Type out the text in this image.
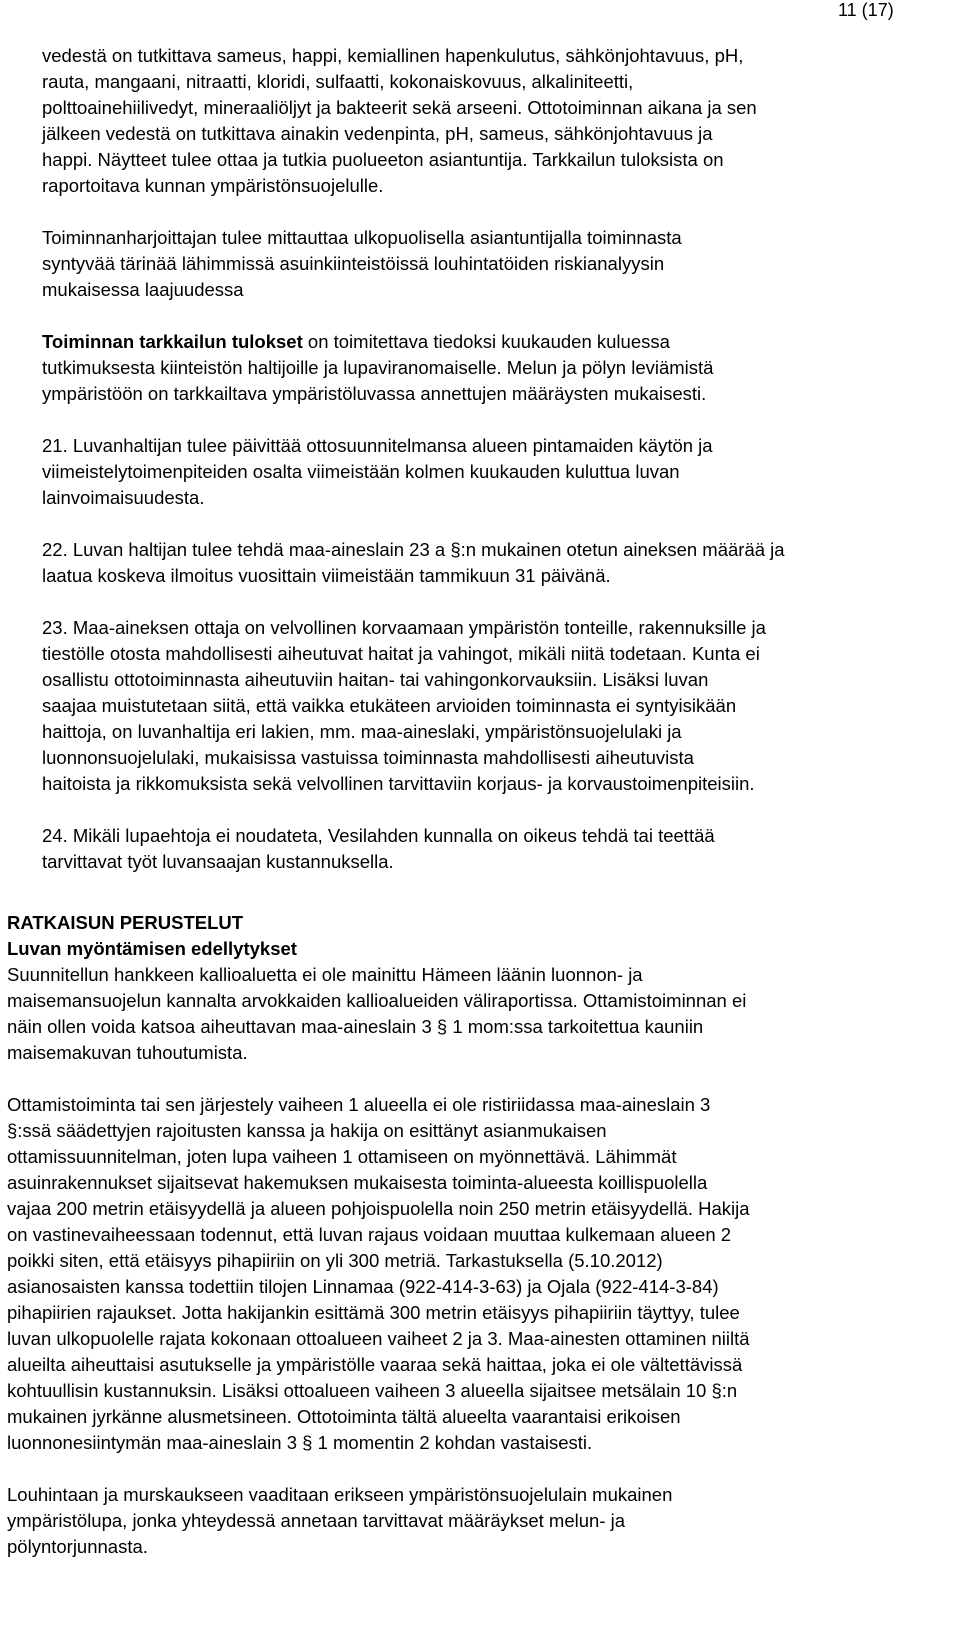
11 (17)

vedestä on tutkittava sameus, happi, kemiallinen hapenkulutus, sähkönjohtavuus, pH,
rauta, mangaani, nitraatti, kloridi, sulfaatti, kokonaiskovuus, alkaliniteetti,
polttoainehiilivedyt, mineraaliöljyt ja bakteerit sekä arseeni. Ottotoiminnan aikana ja sen
jälkeen vedestä on tutkittava ainakin vedenpinta, pH, sameus, sähkönjohtavuus ja
happi. Näytteet tulee ottaa ja tutkia puolueeton asiantuntija. Tarkkailun tuloksista on
raportoitava kunnan ympäristönsuojelulle.
Toiminnanharjoittajan tulee mittauttaa ulkopuolisella asiantuntijalla toiminnasta
syntyvää tärinää lähimmissä asuinkiinteistöissä louhintatöiden riskianalyysin
mukaisessa laajuudessa
Toiminnan tarkkailun tulokset on toimitettava tiedoksi kuukauden kuluessa
tutkimuksesta kiinteistön haltijoille ja lupaviranomaiselle. Melun ja pölyn leviämistä
ympäristöön on tarkkailtava ympäristöluvassa annettujen määräysten mukaisesti.
21. Luvanhaltijan tulee päivittää ottosuunnitelmansa alueen pintamaiden käytön ja
viimeistelytoimenpiteiden osalta viimeistään kolmen kuukauden kuluttua luvan
lainvoimaisuudesta.
22. Luvan haltijan tulee tehdä maa-aineslain 23 a §:n mukainen otetun aineksen määrää ja
laatua koskeva ilmoitus vuosittain viimeistään tammikuun 31 päivänä.
23. Maa-aineksen ottaja on velvollinen korvaamaan ympäristön tonteille, rakennuksille ja
tiestölle otosta mahdollisesti aiheutuvat haitat ja vahingot, mikäli niitä todetaan. Kunta ei
osallistu ottotoiminnasta aiheutuviin haitan- tai vahingonkorvauksiin. Lisäksi luvan
saajaa muistutetaan siitä, että vaikka etukäteen arvioiden toiminnasta ei syntyisikään
haittoja, on luvanhaltija eri lakien, mm. maa-aineslaki, ympäristönsuojelulaki ja
luonnonsuojelulaki, mukaisissa vastuissa toiminnasta mahdollisesti aiheutuvista
haitoista ja rikkomuksista sekä velvollinen tarvittaviin korjaus- ja korvaustoimenpiteisiin.
24. Mikäli lupaehtoja ei noudateta, Vesilahden kunnalla on oikeus tehdä tai teettää
tarvittavat työt luvansaajan kustannuksella.
RATKAISUN PERUSTELUT
Luvan myöntämisen edellytykset
Suunnitellun hankkeen kallioaluetta ei ole mainittu Hämeen läänin luonnon- ja
maisemansuojelun kannalta arvokkaiden kallioalueiden väliraportissa. Ottamistoiminnan ei
näin ollen voida katsoa aiheuttavan maa-aineslain 3 § 1 mom:ssa tarkoitettua kauniin
maisemakuvan tuhoutumista.
Ottamistoiminta tai sen järjestely vaiheen 1 alueella ei ole ristiriidassa maa-aineslain 3
§:ssä säädettyjen rajoitusten kanssa ja hakija on esittänyt asianmukaisen
ottamissuunnitelman, joten lupa vaiheen 1 ottamiseen on myönnettävä. Lähimmät
asuinrakennukset sijaitsevat hakemuksen mukaisesta toiminta-alueesta koillispuolella
vajaa 200 metrin etäisyydellä ja alueen pohjoispuolella noin 250 metrin etäisyydellä. Hakija
on vastinevaiheessaan todennut, että luvan rajaus voidaan muuttaa kulkemaan alueen 2
poikki siten, että etäisyys pihapiiriin on yli 300 metriä. Tarkastuksella (5.10.2012)
asianosaisten kanssa todettiin tilojen Linnamaa (922-414-3-63) ja Ojala (922-414-3-84)
pihapiirien rajaukset. Jotta hakijankin esittämä 300 metrin etäisyys pihapiiriin täyttyy, tulee
luvan ulkopuolelle rajata kokonaan ottoalueen vaiheet 2 ja 3. Maa-ainesten ottaminen niiltä
alueilta aiheuttaisi asutukselle ja ympäristölle vaaraa sekä haittaa, joka ei ole vältettävissä
kohtuullisin kustannuksin. Lisäksi ottoalueen vaiheen 3 alueella sijaitsee metsälain 10 §:n
mukainen jyrkänne alusmetsineen. Ottotoiminta tältä alueelta vaarantaisi erikoisen
luonnonesiintymän maa-aineslain 3 § 1 momentin 2 kohdan vastaisesti.
Louhintaan ja murskaukseen vaaditaan erikseen ympäristönsuojelulain mukainen
ympäristölupa, jonka yhteydessä annetaan tarvittavat määräykset melun- ja
pölyntorjunnasta.
